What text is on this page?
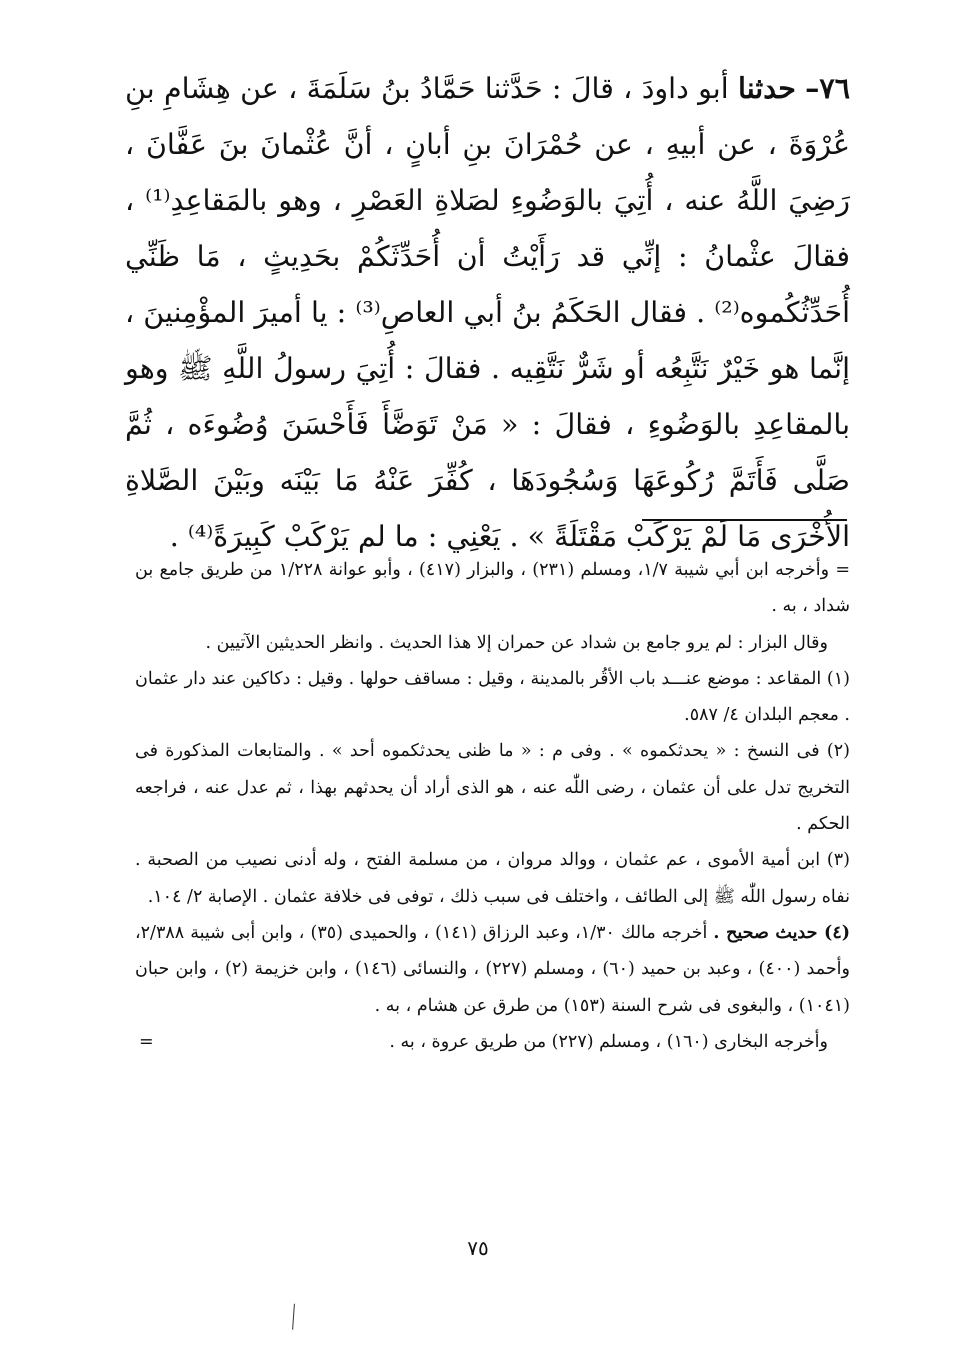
٧٦– حدثنا أبو داودَ ، قالَ : حَدَّثنا حَمَّادُ بنُ سَلَمَةَ ، عن هِشَامِ بنِ عُرْوَةَ ، عن أبيهِ ، عن حُمْرَانَ بنِ أبانٍ ، أنَّ عُثْمانَ بنَ عَفَّانَ ، رَضِيَ اللَّهُ عنه ، أُتِيَ بالوَضُوءِ لصَلاةِ العَصْرِ ، وهو بالمَقاعِدِ⁽¹⁾ ، فقالَ عثْمانُ : إنِّي قد رَأَيْتُ أن أُحَدِّثَكُمْ بحَدِيثٍ ، مَا ظَنِّي أُحَدِّثُكُموه⁽²⁾ . فقال الحَكَمُ بنُ أبي العاصِ⁽³⁾ : يا أميرَ المؤْمِنينَ ، إنَّما هو خَيْرٌ نَتَّبِعُه أو شَرٌّ نَتَّقِيه . فقالَ : أُتِيَ رسولُ اللَّهِ ﷺ وهو بالمقاعِدِ بالوَضُوءِ ، فقالَ : « مَنْ تَوَضَّأَ فَأَحْسَنَ وُضُوءَه ، ثُمَّ صَلَّى فَأَتَمَّ رُكُوعَهَا وَسُجُودَهَا ، كُفِّرَ عَنْهُ مَا بَيْنَه وبَيْنَ الصَّلاةِ الأُخْرَى مَا لَمْ يَرْكَبْ مَقْتَلَةً » . يَعْنِي : ما لم يَرْكَبْ كَبِيرَةً⁽⁴⁾ .

= وأخرجه ابن أبي شيبة ١/٧، ومسلم (٢٣١) ، والبزار (٤١٧) ، وأبو عوانة ١/٢٢٨ من طريق جامع بن شداد ، به .

وقال البزار : لم يرو جامع بن شداد عن حمران إلا هذا الحديث . وانظر الحديثين الآتيين .

(١) المقاعد : موضع عنـــد باب الأقُر بالمدينة ، وقيل : مساقف حولها . وقيل : دكاكين عند دار عثمان . معجم البلدان ٤/ ٥٨٧.

(٢) فى النسخ : « يحدثكموه » . وفى م : « ما ظنى يحدثكموه أحد » . والمتابعات المذكورة فى التخريج تدل على أن عثمان ، رضى اللّٰه عنه ، هو الذى أراد أن يحدثهم بهذا ، ثم عدل عنه ، فراجعه الحكم .

(٣) ابن أمية الأموى ، عم عثمان ، ووالد مروان ، من مسلمة الفتح ، وله أدنى نصيب من الصحبة . نفاه رسول اللّٰه ﷺ إلى الطائف ، واختلف فى سبب ذلك ، توفى فى خلافة عثمان . الإصابة ٢/ ١٠٤.

(٤) حديث صحيح . أخرجه مالك ١/٣٠، وعبد الرزاق (١٤١) ، والحميدى (٣٥) ، وابن أبى شيبة ٢/٣٨٨، وأحمد (٤٠٠) ، وعبد بن حميد (٦٠) ، ومسلم (٢٢٧) ، والنسائى (١٤٦) ، وابن خزيمة (٢) ، وابن حبان (١٠٤١) ، والبغوى فى شرح السنة (١٥٣) من طرق عن هشام ، به .

وأخرجه البخارى (١٦٠) ، ومسلم (٢٢٧) من طريق عروة ، به .
=

٧٥
